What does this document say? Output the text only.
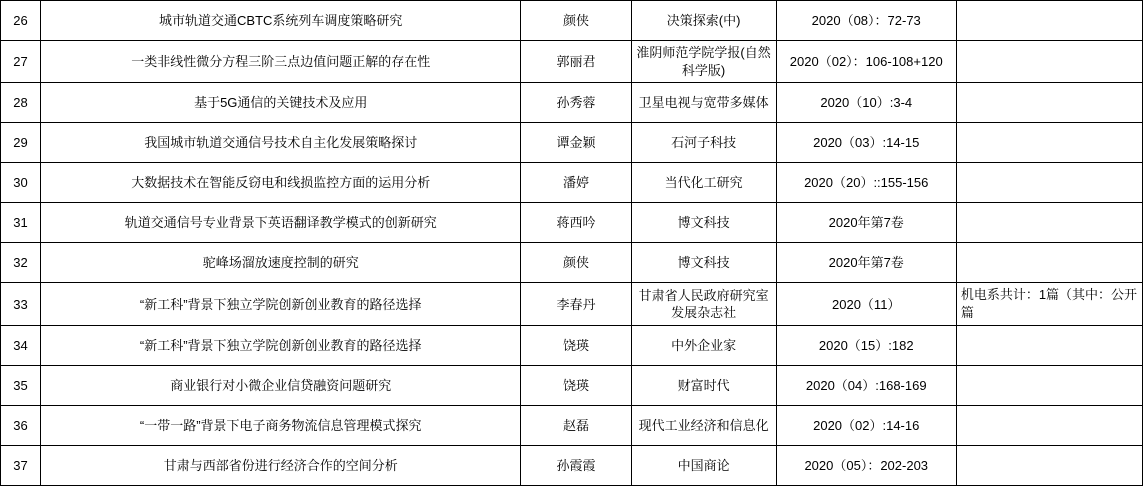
26	城市轨道交通CBTC系统列车调度策略研究	颜侠	决策探索(中)	2020（08）：72-73	
27	一类非线性微分方程三阶三点边值问题正解的存在性	郭丽君	淮阴师范学院学报(自然科学版)	2020（02）：106-108+120	
28	基于5G通信的关键技术及应用	孙秀蓉	卫星电视与宽带多媒体	2020（10）:3-4	
29	我国城市轨道交通信号技术自主化发展策略探讨	谭金颖	石河子科技	2020（03）:14-15	
30	大数据技术在智能反窃电和线损监控方面的运用分析	潘婷	当代化工研究	2020（20）::155-156	
31	轨道交通信号专业背景下英语翻译教学模式的创新研究	蒋西吟	博文科技	2020年第7卷	
32	驼峰场溜放速度控制的研究	颜侠	博文科技	2020年第7卷	
33	“新工科”背景下独立学院创新创业教育的路径选择	李春丹	甘肃省人民政府研究室发展杂志社	2020（11）	机电系共计：1篇（其中：公开篇

34	“新工科”背景下独立学院创新创业教育的路径选择	饶瑛	中外企业家	2020（15）:182	
35	商业银行对小微企业信贷融资问题研究	饶瑛	财富时代	2020（04）:168-169	
36	“一带一路”背景下电子商务物流信息管理模式探究	赵磊	现代工业经济和信息化	2020（02）:14-16	
37	甘肃与西部省份进行经济合作的空间分析	孙霞霞	中国商论	2020（05）：202-203	
